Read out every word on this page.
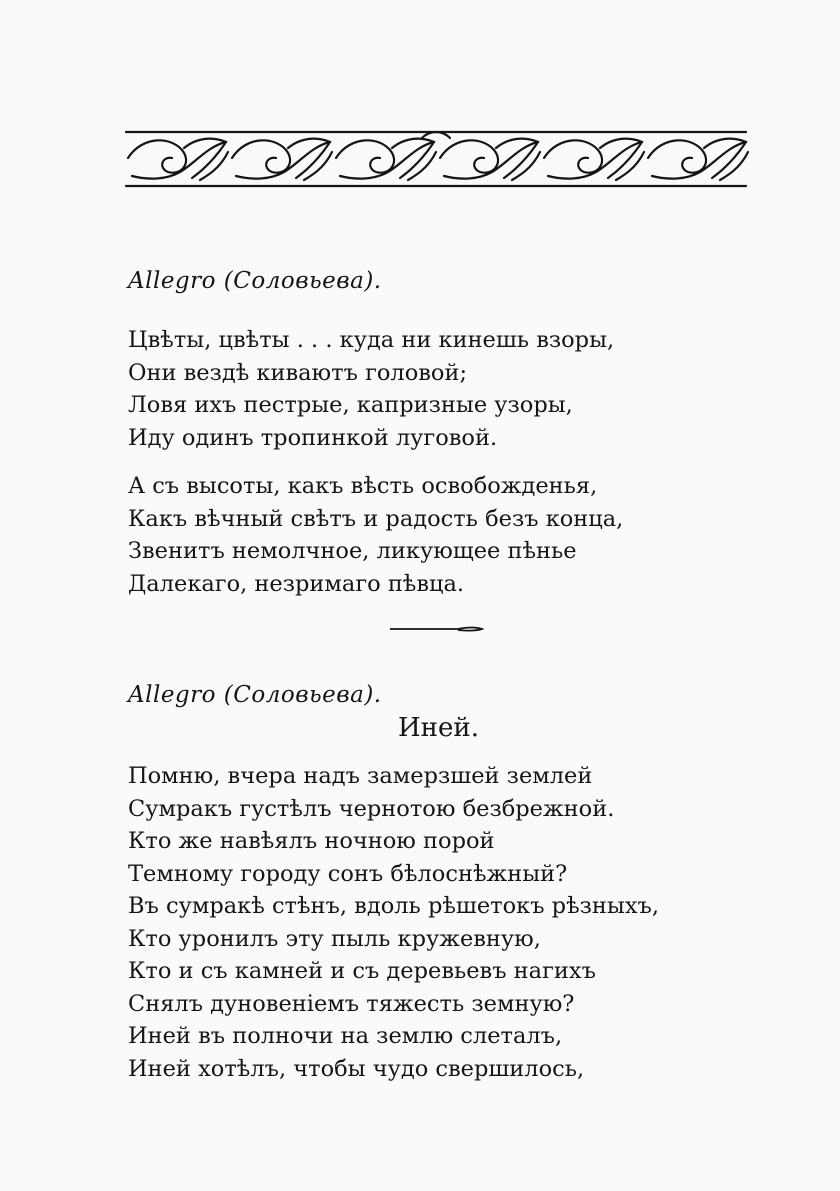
Allegro (Соловьева).
Цвѣты, цвѣты . . . куда ни кинешь взоры,
Они вездѣ киваютъ головой;
Ловя ихъ пестрые, капризные узоры,
Иду одинъ тропинкой луговой.
А съ высоты, какъ вѣсть освобожденья,
Какъ вѣчный свѣтъ и радость безъ конца,
Звенитъ немолчное, ликующее пѣнье
Далекаго, незримаго пѣвца.
Allegro (Соловьева).
Иней.
Помню, вчера надъ замерзшей землей
Сумракъ густѣлъ чернотою безбрежной.
Кто же навѣялъ ночною порой
Темному городу сонъ бѣлоснѣжный?
Въ сумракѣ стѣнъ, вдоль рѣшетокъ рѣзныхъ,
Кто уронилъ эту пыль кружевную,
Кто и съ камней и съ деревьевъ нагихъ
Снялъ дуновеніемъ тяжесть земную?
Иней въ полночи на землю слеталъ,
Иней хотѣлъ, чтобы чудо свершилось,
